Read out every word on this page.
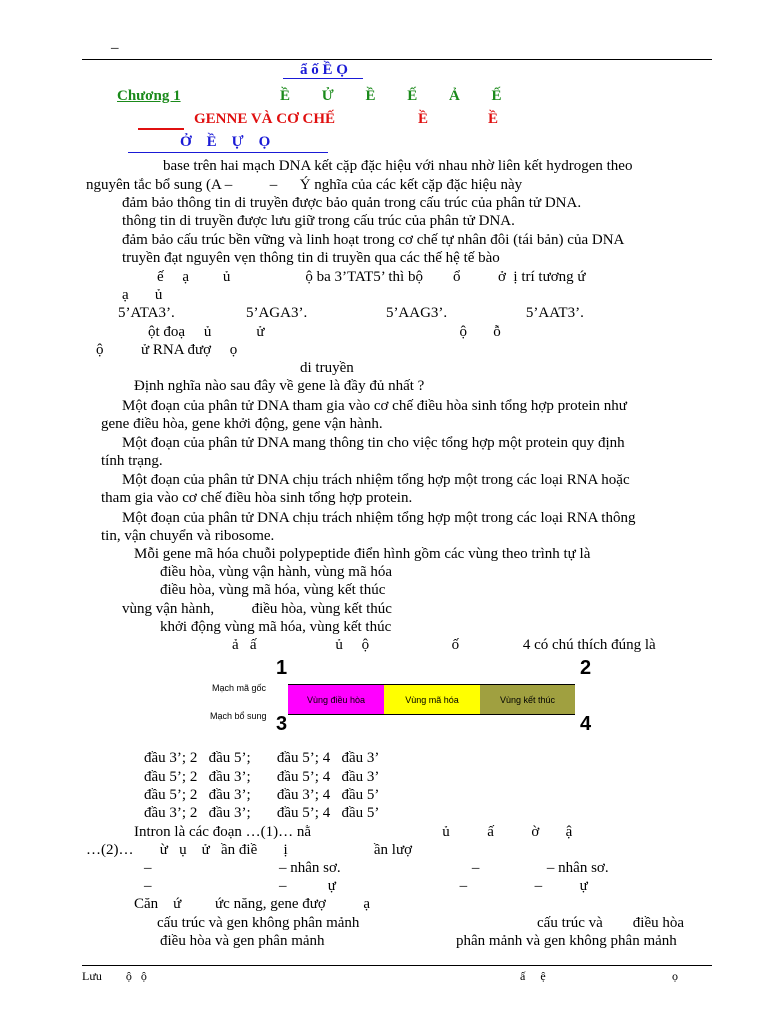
–
ẩ ố Ề Ọ
Chương 1	Ề Ử Ề Ế Ả Ế
GENNE VÀ CƠ CHẾ	Ề                Ề
Ở    Ề    Ự    Ọ
base trên hai mạch DNA kết cặp đặc hiệu với nhau nhờ liên kết hydrogen theo
nguyên tắc bổ sung (A –          –      Ý nghĩa của các kết cặp đặc hiệu này
đảm bảo thông tin di truyền được bảo quản trong cấu trúc của phân tử DNA.
thông tin di truyền được lưu giữ trong cấu trúc của phân tử DNA.
đảm bảo cấu trúc bền vững và linh hoạt trong cơ chế tự nhân đôi (tái bản) của DNA
truyền đạt nguyên vẹn thông tin di truyền qua các thế hệ tế bào
ế     ạ         ủ                    ộ ba 3’TAT5’ thì bộ        ổ          ở  ị trí tương ứ
ạ       ủ
5’ATA3’.                   5’AGA3’.                     5’AAG3’.                     5’AAT3’.
ột đoạ     ủ            ử                                                    ộ       ỗ
ộ          ử RNA đượ     ọ
di truyền
Định nghĩa nào sau đây về gene là đầy đủ nhất ?
Một đoạn của phân tử DNA tham gia vào cơ chế điều hòa sinh tổng hợp protein như
gene điều hòa, gene khởi động, gene vận hành.
Một đoạn của phân tử DNA mang thông tin cho việc tổng hợp một protein quy định
tính trạng.
Một đoạn của phân tử DNA chịu trách nhiệm tổng hợp một trong các loại RNA hoặc
tham gia vào cơ chế điều hòa sinh tổng hợp protein.
Một đoạn của phân tử DNA chịu trách nhiệm tổng hợp một trong các loại RNA thông
tin, vận chuyển và ribosome.
Mỗi gene mã hóa chuỗi polypeptide điển hình gồm các vùng theo trình tự là
điều hòa, vùng vận hành, vùng mã hóa
điều hòa, vùng mã hóa, vùng kết thúc
vùng vận hành,          điều hòa, vùng kết thúc
khởi động vùng mã hóa, vùng kết thúc
ả   ấ                     ủ     ộ                      ố                 4 có chú thích đúng là
1	2
3	4
Mạch mã gốc
Mạch bổ sung
Vùng điều hòa	Vùng mã hóa	Vùng kết thúc
đầu 3’; 2   đầu 5’;       đầu 5’; 4   đầu 3’
đầu 5’; 2   đầu 3’;       đầu 5’; 4   đầu 3’
đầu 5’; 2   đầu 3’;       đầu 3’; 4   đầu 5’
đầu 3’; 2   đầu 3’;       đầu 5’; 4   đầu 5’
Intron là các đoạn …(1)… nằ                                   ủ          ấ          ờ       ậ
…(2)…       ừ   ụ    ử   ần điề       ị                       ần lượ
–                                  – nhân sơ.                                   –                  – nhân sơ.
–                                  –           ự                                 –                  –          ự
Căn    ứ         ức năng, gene đượ          ạ
cấu trúc và gen không phân mảnh	cấu trúc và        điều hòa
điều hòa và gen phân mảnh	phân mảnh và gen không phân mảnh
Lưu        ộ   ộ	ấ     ệ	ọ
